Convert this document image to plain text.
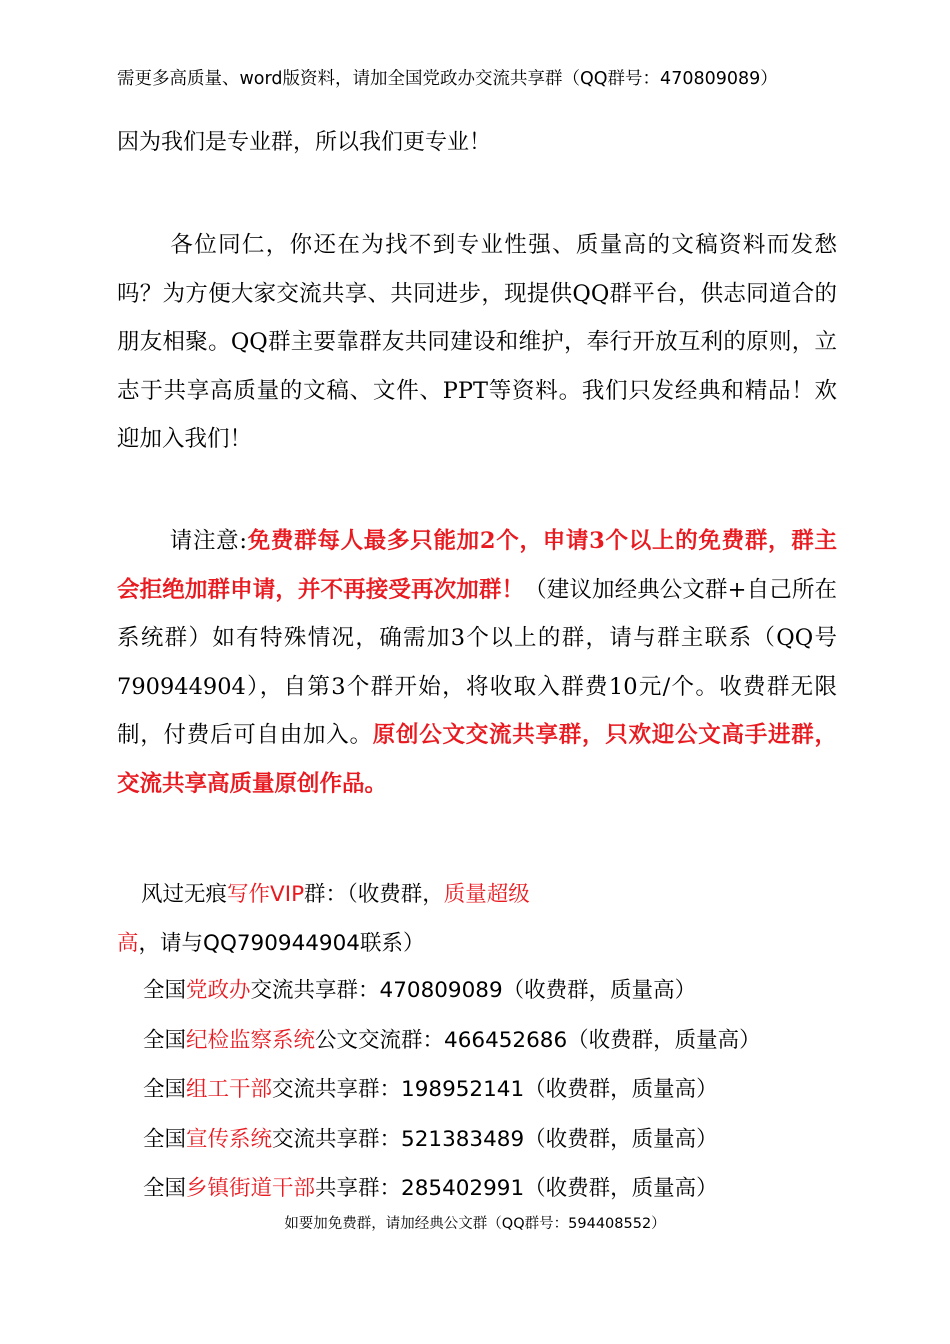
需更多高质量、word版资料，请加全国党政办交流共享群（QQ群号：470809089）
因为我们是专业群，所以我们更专业！
各位同仁，你还在为找不到专业性强、质量高的文稿资料而发愁吗？为方便大家交流共享、共同进步，现提供QQ群平台，供志同道合的朋友相聚。QQ群主要靠群友共同建设和维护，奉行开放互利的原则，立志于共享高质量的文稿、文件、PPT等资料。我们只发经典和精品！欢迎加入我们！
请注意:免费群每人最多只能加2个，申请3个以上的免费群，群主会拒绝加群申请，并不再接受再次加群！（建议加经典公文群+自己所在系统群）如有特殊情况，确需加3个以上的群，请与群主联系（QQ号790944904），自第3个群开始，将收取入群费10元/个。收费群无限制，付费后可自由加入。原创公文交流共享群，只欢迎公文高手进群，交流共享高质量原创作品。
风过无痕写作VIP群：（收费群，质量超级高，请与QQ790944904联系）
全国党政办交流共享群：470809089（收费群，质量高）
全国纪检监察系统公文交流群：466452686（收费群，质量高）
全国组工干部交流共享群：198952141（收费群，质量高）
全国宣传系统交流共享群：521383489（收费群，质量高）
全国乡镇街道干部共享群：285402991（收费群，质量高）
如要加免费群，请加经典公文群（QQ群号：594408552）
